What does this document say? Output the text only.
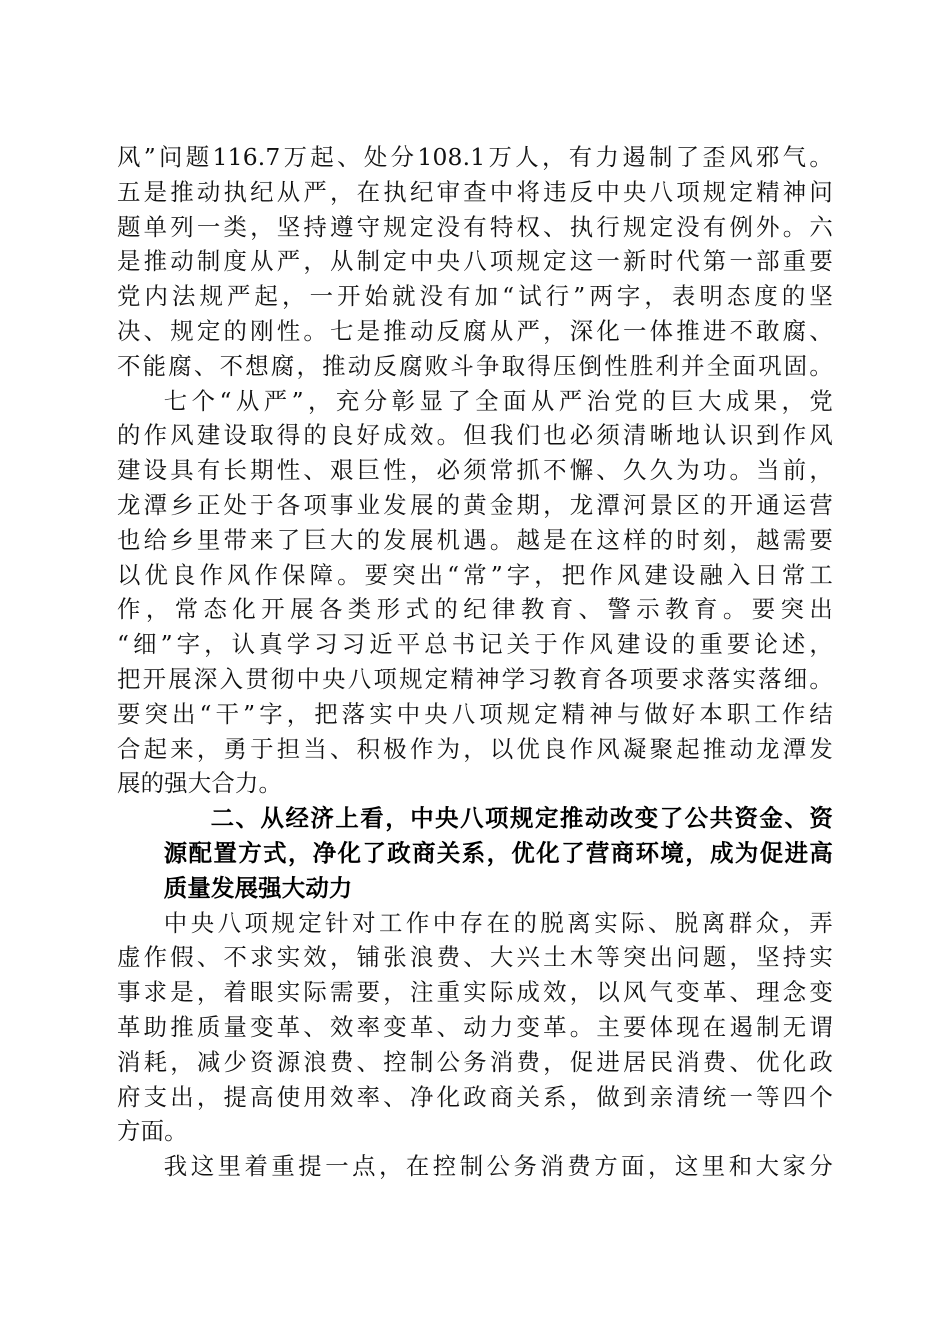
风”问题116.7万起、处分108.1万人，有力遏制了歪风邪气。
五是推动执纪从严，在执纪审查中将违反中央八项规定精神问
题单列一类，坚持遵守规定没有特权、执行规定没有例外。六
是推动制度从严，从制定中央八项规定这一新时代第一部重要
党内法规严起，一开始就没有加“试行”两字，表明态度的坚
决、规定的刚性。七是推动反腐从严，深化一体推进不敢腐、
不能腐、不想腐，推动反腐败斗争取得压倒性胜利并全面巩固。
七个“从严”，充分彰显了全面从严治党的巨大成果，党
的作风建设取得的良好成效。但我们也必须清晰地认识到作风
建设具有长期性、艰巨性，必须常抓不懈、久久为功。当前，
龙潭乡正处于各项事业发展的黄金期，龙潭河景区的开通运营
也给乡里带来了巨大的发展机遇。越是在这样的时刻，越需要
以优良作风作保障。要突出“常”字，把作风建设融入日常工
作，常态化开展各类形式的纪律教育、警示教育。要突出
“细”字，认真学习习近平总书记关于作风建设的重要论述，
把开展深入贯彻中央八项规定精神学习教育各项要求落实落细。
要突出“干”字，把落实中央八项规定精神与做好本职工作结
合起来，勇于担当、积极作为，以优良作风凝聚起推动龙潭发
展的强大合力。
二、从经济上看，中央八项规定推动改变了公共资金、资
源配置方式，净化了政商关系，优化了营商环境，成为促进高
质量发展强大动力
中央八项规定针对工作中存在的脱离实际、脱离群众，弄
虚作假、不求实效，铺张浪费、大兴土木等突出问题，坚持实
事求是，着眼实际需要，注重实际成效，以风气变革、理念变
革助推质量变革、效率变革、动力变革。主要体现在遏制无谓
消耗，减少资源浪费、控制公务消费，促进居民消费、优化政
府支出，提高使用效率、净化政商关系，做到亲清统一等四个
方面。
我这里着重提一点，在控制公务消费方面，这里和大家分
